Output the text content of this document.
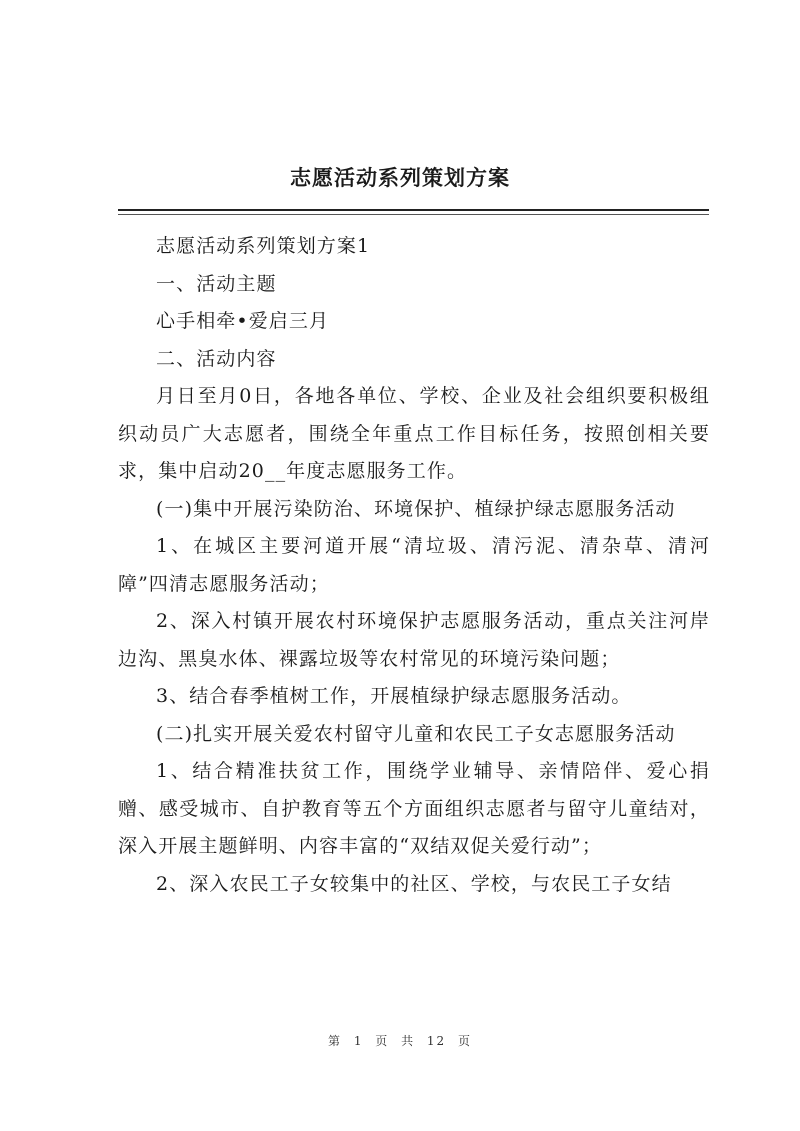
志愿活动系列策划方案

志愿活动系列策划方案1

一、活动主题

心手相牵•爱启三月

二、活动内容

月日至月0日，各地各单位、学校、企业及社会组织要积极组织动员广大志愿者，围绕全年重点工作目标任务，按照创相关要求，集中启动20__年度志愿服务工作。

(一)集中开展污染防治、环境保护、植绿护绿志愿服务活动

1、在城区主要河道开展“清垃圾、清污泥、清杂草、清河障”四清志愿服务活动；

2、深入村镇开展农村环境保护志愿服务活动，重点关注河岸边沟、黑臭水体、裸露垃圾等农村常见的环境污染问题；

3、结合春季植树工作，开展植绿护绿志愿服务活动。

(二)扎实开展关爱农村留守儿童和农民工子女志愿服务活动

1、结合精准扶贫工作，围绕学业辅导、亲情陪伴、爱心捐赠、感受城市、自护教育等五个方面组织志愿者与留守儿童结对，深入开展主题鲜明、内容丰富的“双结双促关爱行动”；

2、深入农民工子女较集中的社区、学校，与农民工子女结

第 1 页 共 12 页
